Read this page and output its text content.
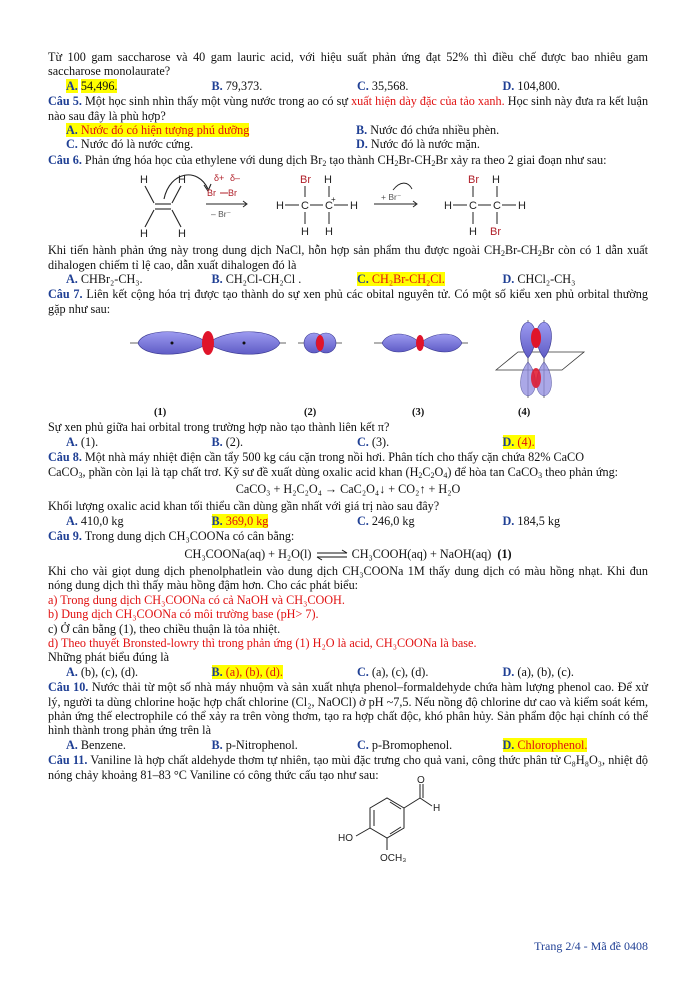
Từ 100 gam saccharose và 40 gam lauric acid, với hiệu suất phản ứng đạt 52% thì điều chế được bao nhiêu gam saccharose monolaurate?

A. 54,496.	B. 79,373.	C. 35,568.	D. 104,800.

Câu 5. Một học sinh nhìn thấy một vùng nước trong ao có sự xuất hiện dày đặc của tảo xanh. Học sinh này đưa ra kết luận nào sau đây là phù hợp?

A. Nước đó có hiện tượng phú dưỡng	B. Nước đó chứa nhiều phèn.
C. Nước đó là nước cứng.	D. Nước đó là nước mặn.

Câu 6. Phản ứng hóa học của ethylene với dung dịch $Br_2$ tạo thành $CH_2Br-CH_2Br$ xảy ra theo 2 giai đoạn như sau:

H
H
H
H
δ+ δ–
Br Br
– Br⁻
Br H
H C C
+
H
H H
+ Br⁻
Br H
H C C H
H Br

Khi tiến hành phản ứng này trong dung dịch NaCl, hỗn hợp sản phẩm thu được ngoài $CH_2Br-CH_2Br$ còn có 1 dẫn xuất dihalogen chiếm tỉ lệ cao, dẫn xuất dihalogen đó là

A. CHBr₂-CH₃.	B. CH₂Cl-CH₂Cl .	C. CH₂Br-CH₂Cl.	D. CHCl₂-CH₃

Câu 7. Liên kết cộng hóa trị được tạo thành do sự xen phủ các obital nguyên tử. Có một số kiểu xen phủ orbital thường gặp như sau:

(1)	(2)	(3)	(4)

Sự xen phủ giữa hai orbital trong trường hợp nào tạo thành liên kết π?

A. (1).	B. (2).	C. (3).	D. (4).

Câu 8. Một nhà máy nhiệt điện cần tẩy 500 kg cáu cặn trong nồi hơi. Phân tích cho thấy cặn chứa 82% CaCO

CaCO$_3$, phần còn lại là tạp chất trơ. Kỹ sư đề xuất dùng oxalic acid khan $(H_2C_2O_4)$ để hòa tan CaCO$_3$ theo phản ứng:

CaCO₃ + H₂C₂O₄ → CaC₂O₄↓ + CO₂↑ + H₂O

Khối lượng oxalic acid khan tối thiểu cần dùng gần nhất với giá trị nào sau đây?

A. 410,0 kg	B. 369,0 kg	C. 246,0 kg	D. 184,5 kg

Câu 9. Trong dung dịch CH₃COONa có cân bằng:

CH₃COONa(aq) + H₂O(l) ⇌ CH₃COOH(aq) + NaOH(aq) (1)

Khi cho vài giọt dung dịch phenolphatlein vào dung dịch CH₃COONa 1M thấy dung dịch có màu hồng nhạt. Khi đun nóng dung dịch thì thấy màu hồng đậm hơn. Cho các phát biểu:

a) Trong dung dịch CH₃COONa có cả NaOH và CH₃COOH.

b) Dung dịch CH₃COONa có môi trường base (pH> 7).

c) Ở cân bằng (1), theo chiều thuận là tỏa nhiệt.

d) Theo thuyết Bronsted-lowry thì trong phản ứng (1) H₂O là acid, CH₃COONa là base.

Những phát biểu đúng là

A. (b), (c), (d).	B. (a), (b), (d).	C. (a), (c), (d).	D. (a), (b), (c).

Câu 10. Nước thải từ một số nhà máy nhuộm và sản xuất nhựa phenol–formaldehyde chứa hàm lượng phenol cao. Để xử lý, người ta dùng chlorine hoặc hợp chất chlorine (Cl₂, NaOCl) ở pH ~7,5. Nếu nồng độ chlorine dư cao và kiểm soát kém, phản ứng thế electrophile có thể xảy ra trên vòng thơm, tạo ra hợp chất độc, khó phân hủy. Sản phẩm độc hại chính có thể hình thành trong phản ứng trên là

A. Benzene.	B. p-Nitrophenol.	C. p-Bromophenol.	D. Chlorophenol.

Câu 11. Vaniline là hợp chất aldehyde thơm tự nhiên, tạo mùi đặc trưng cho quả vani, công thức phân tử C₈H₈O₃, nhiệt độ nóng chảy khoảng 81–83 °C Vaniline có công thức cấu tạo như sau:	O
H
HO
OCH₃
Trang 2/4 - Mã đề 0408
